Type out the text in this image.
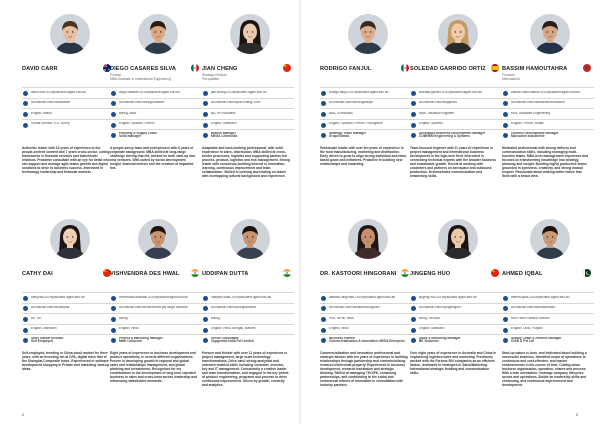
DAVID CARR
david.carr.2019@student.agsm.edu.au
au.linkedin.com/in/davidcarr
English, Italian
Global Director, KJC Group
Authentic leader with 13 years of experience to the people-centred content and 7 years cross-sector, cutting frameworks in financial services and stakeholder relations. Proactive consultant with an eye for detail who can support and manage agile teams growth and digital solutions to drive to business success. Interested in technology leadership and financial markets.
DIEGO CASARES SILVA
Product
MBA Graduate in International Engineering
diego.casares.2019@student.agsm.edu.au
au.linkedin.com/in/diegocasares
Billing, MBA
English, Spanish, French
Planning & Supply Chain
Solid manager
A people-savvy team and entrepreneur with 8 years of corporate background. MBA skilled at long-range challenge driving that led, worked on both start-up and new ventures. Well-suited by social development insight, financial metrics and the creation of impactful ties.
JIAN CHENG
Strategic Product
Pre-qualifier
jian.cheng.2019@student.agsm.edu.au
au.linkedin.com/in/jian-cheng-1009
BA, HR Business
English, Mandarin
Branch Manager
MEGA Chemicals
Adaptable and hard-working professional, with solid experience in sales, distribution, MBA skilled at cross-border processes, logistics and supporting partner-led process, product, logistics and risk management. Strong leader with consensus-building interest in innovation, learning, continuous improvement and team collaboration. Skilled in working and leading on teams with overlapping cultural background and experience.
RODRIGO FANJUL
rodrigo.fanjul.2019@student.agsm.edu.au
au.linkedin.com/in/rodrigofanjul
BBA, Economics
English, Spanish, French, Portuguese
Strategic Trade Manager
Grupo Bimbo
Passionate leader with over ten years of experience in the food manufacturing, marketing and distribution. Early driven to grow to align strong individual and team-based goals and initiatives. Proactive in building new relationships and rewarding.
SOLEDAD GARRIDO ORTIZ
soledad.garrido.2019@student.agsm.edu.au
au.linkedin.com/in/sgarrido
MBA, Industrial Engineer
English, Spanish
Aerospace Business Development Manager
COMHEM Engineering & Systems
Team-focused engineer with 11 years of experience in project management and international business development in the high-tech field. Interested in connecting technical experts with the broader business and sustainable growth. Excels at working with customers and partners on aerospace and outbound production. Demonstrates communication and networking skills.
BASSIM HAMOUTAHRA
Producer
International
bassim.hamoutahra.2019@student.agsm.edu.au
au.linkedin.com/in/bassimhamoutahra
MSc, Industrial Engineering
English, French, Arabic
Channel Development Manager
Marocaine Industrielle
Motivated professional with strong delivery and communication skills, including managing multi-function teams. MBA-level management experience and focused on transforming knowledge into strategy, planning and insight. Building highly productive teams grounded in openness, creativity, and strong mutual respect. Passionate about making better teams that think with a broad view.
CATHY DAI
cathy.dai.2019@student.agsm.edu.au
au.linkedin.com/in/cathydai
BE, UE
English, Mandarin
Store Market Investor
Self Employed
Self-employed, trending in China stock market for three years, with an investing net at CPA, digital track that of the Shanghai Composite Index. Experienced in software development shopping in Private and marketing start-up ideas.
VISHVENDRA DES HWAL
vishvendra.deshwal.2019@student.agsm.edu.au
au.linkedin.com/in/vishvendra-pal-singh-deshwal
Billing
English, Hindi
Project & Marketing Manager
Math Coliseum
Eight years of experience in business development and product operations, in several different organisations. Proven in developing growth in regional and global sales and relationships management, and global planning and investments. Recognised for my contributions to the development of long-term repeated business in sales and cross-team across leadership and influencing stakeholder demands.
UDDIPAN DUTTA
uddipan.dutta.2019@student.agsm.edu.au
au.linkedin.com/in/uddipandutta
Billing
English, Hindi, Bengali, Marathi
Senior Consultant
Capgemini India Pvt Limited
Pursuer and thinker with over 11 years of experience in project management, large scale technology transformations. Drive hard, strong analytical and outreach enabled skills including customer, investor, key and IT management. Consistently a creative leader and team transformation, and engaged in the key points of product engineering, programs and process to drive continuous improvement. Driven by growth, curiosity and analytics.
DR. KASTOORI HINGORANI
kastoori.hingorani.2019@student.agsm.edu.au
au.linkedin.com/in/kastoorihingorani
PhD, MPhil, MBA
English, Hindi
Business Partner
Commercialisation & Innovation UNSW Enterprise
Commercialisation and innovation professional and strategic adviser with ten years of experience in building relationships through partnership and commercialising research intellectual property. Experienced in business development, research translation and strategic thinking. Skilled at managing TKO/PK, enhancing partnerships, and contributing to the social and commercial returns of innovation in consultation with industry partners.
JINGENG HUO
jingeng.huo.2019@student.agsm.edu.au
au.linkedin.com/in/jingenghuo
BEng, GEMBA
English, Mandarin
Sales & Marketing Manager
BE Shotcrete
Over eight years of experience in Australia and China in engineering logistics sales and marketing. Previously worked with the Fortune 500 companies as an offshore liaison, dedicated to strategies in Sales/Marketing. International strategic thinking and communication skills.
AHMED IQBAL
ahmed.iqbal.2019@student.agsm.edu.au
au.linkedin.com/in/ahmedinbal1
MSc Hons Political Science
English, Urdu, Punjabi
Supply Chain & Finance Manager
Crest & Pvt Ltd
Start-up nature is born, and dedicated about building a successful business. Identified scope of operations to continuous and cost-effective, and market enhancements in the course of time. Cutting down business organisation, operation, shares and process. With a lean orientation, I manage company lifecycles across and operations. Builds on leadership skills and continuing, and continuous improvement and development.
6	8
